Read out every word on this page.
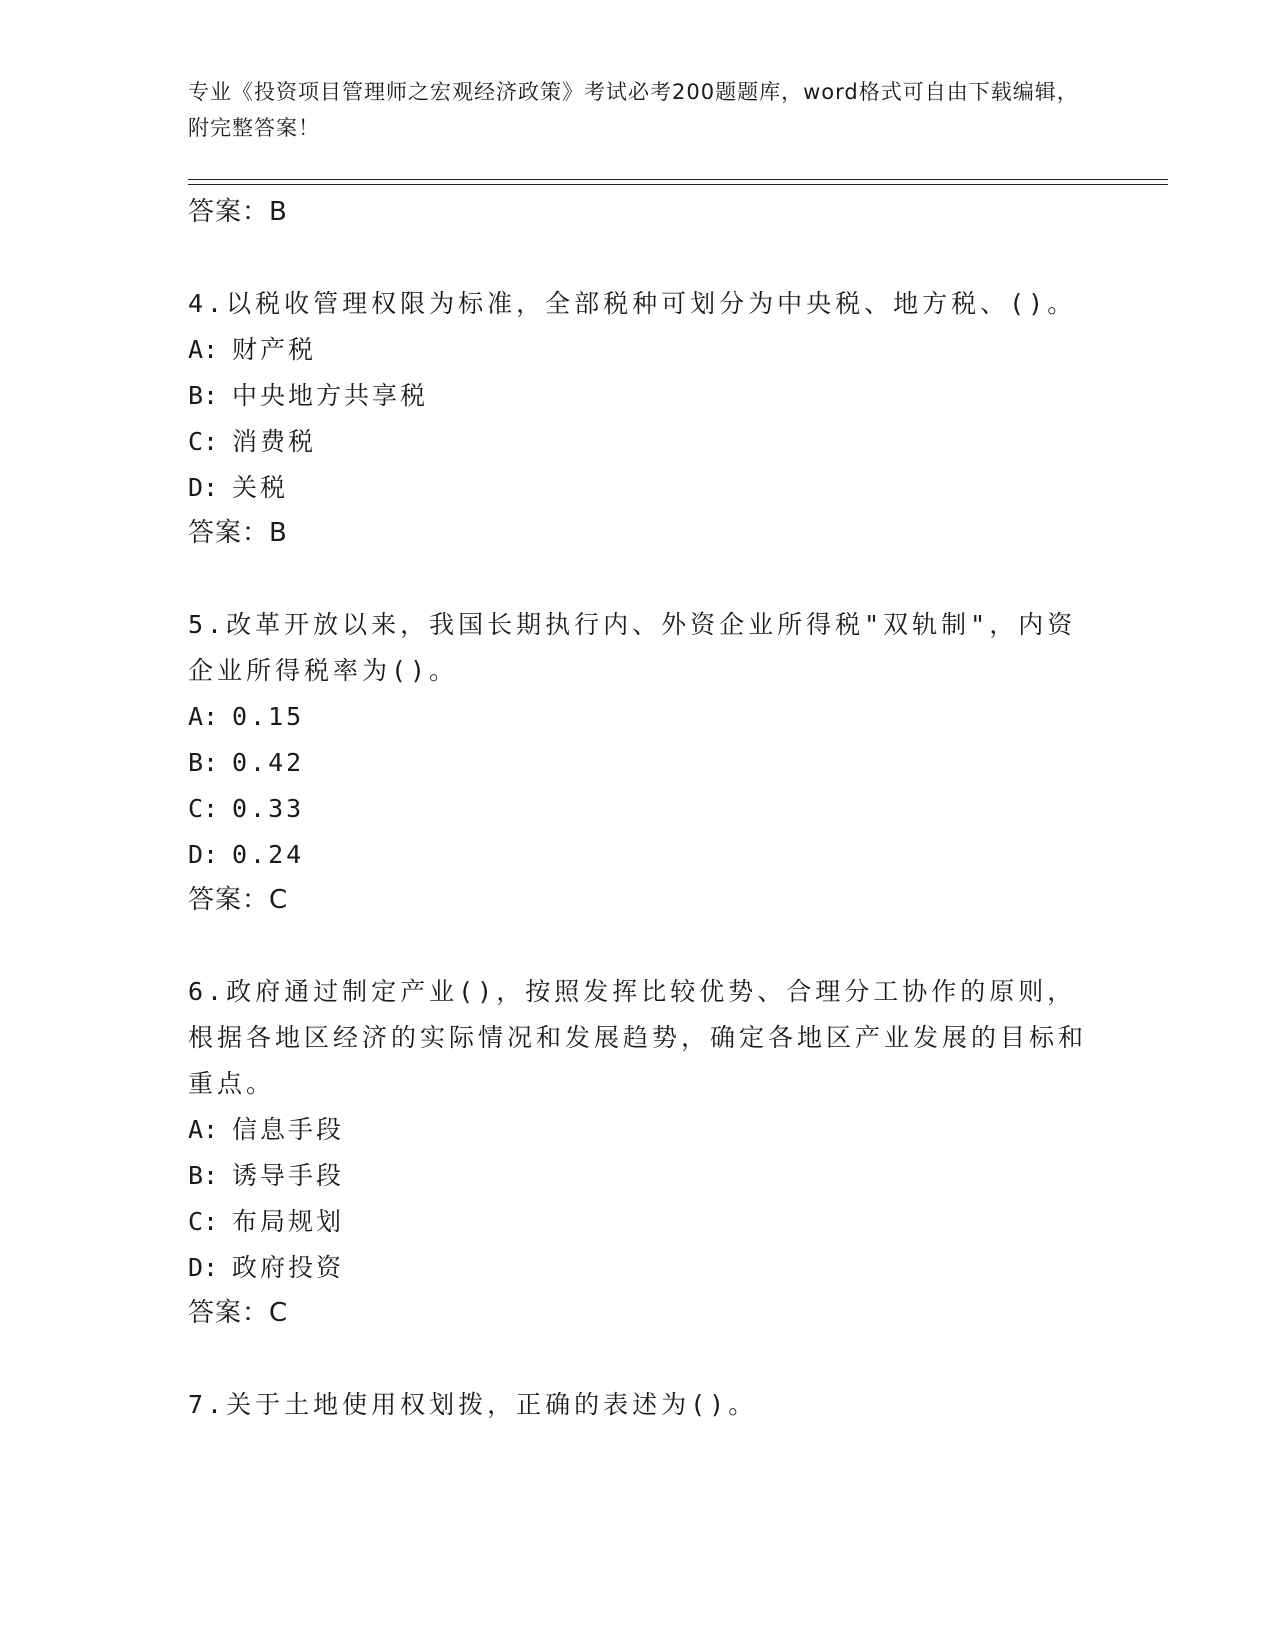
专业《投资项目管理师之宏观经济政策》考试必考200题题库，word格式可自由下载编辑，附完整答案！
答案：B
4.以税收管理权限为标准，全部税种可划分为中央税、地方税、()。
A: 财产税
B: 中央地方共享税
C: 消费税
D: 关税
答案：B
5.改革开放以来，我国长期执行内、外资企业所得税"双轨制"，内资企业所得税率为()。
A: 0.15
B: 0.42
C: 0.33
D: 0.24
答案：C
6.政府通过制定产业()，按照发挥比较优势、合理分工协作的原则，根据各地区经济的实际情况和发展趋势，确定各地区产业发展的目标和重点。
A: 信息手段
B: 诱导手段
C: 布局规划
D: 政府投资
答案：C
7.关于土地使用权划拨，正确的表述为()。
